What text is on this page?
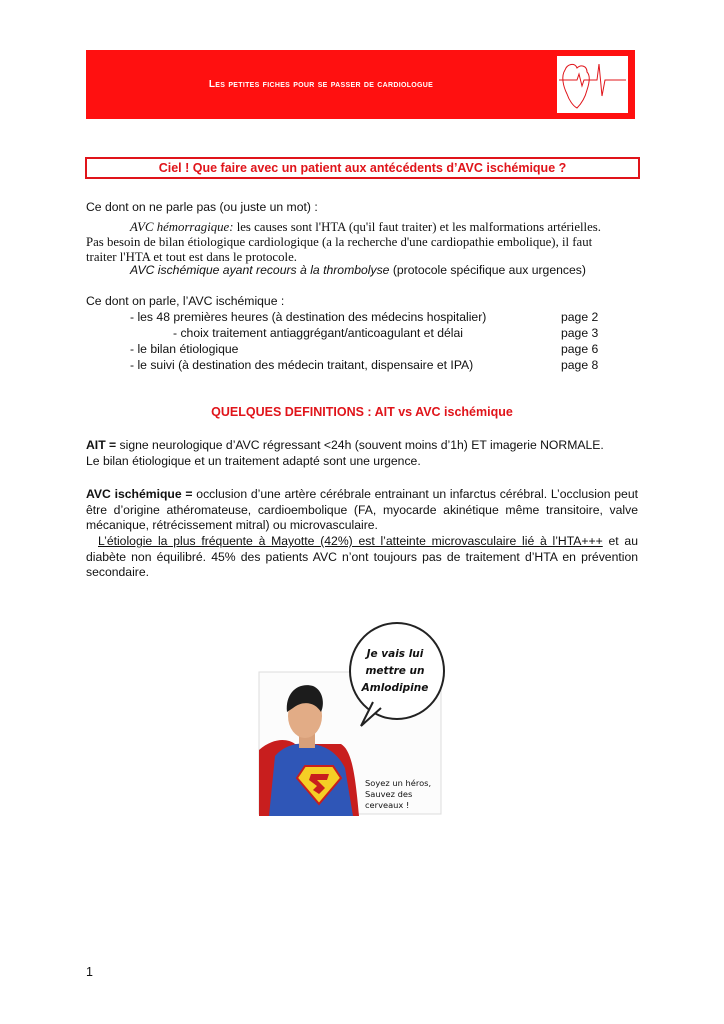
Les petites fiches pour se passer de cardiologue
Ciel ! Que faire avec un patient aux antécédents d’AVC ischémique ?
Ce dont on ne parle pas (ou juste un mot) :
AVC hémorragique: les causes sont l'HTA (qu'il faut traiter) et les malformations artérielles.
Pas besoin de bilan étiologique cardiologique (a la recherche d'une cardiopathie embolique), il faut
traiter l'HTA et tout est dans le protocole.
AVC ischémique ayant recours à la thrombolyse (protocole spécifique aux urgences)
Ce dont on parle, l’AVC ischémique :
- les 48 premières heures (à destination des médecins hospitalier)	page 2
- choix traitement antiaggrégant/anticoagulant et délai	page 3
- le bilan étiologique	page 6
- le suivi (à destination des médecin traitant, dispensaire et IPA)	page 8
QUELQUES DEFINITIONS : AIT vs AVC ischémique
AIT = signe neurologique d’AVC régressant <24h (souvent moins d’1h) ET imagerie NORMALE.
Le bilan étiologique et un traitement adapté sont une urgence.
AVC ischémique = occlusion d’une artère cérébrale entrainant un infarctus cérébral. L’occlusion peut être d’origine athéromateuse, cardioembolique (FA, myocarde akinétique même transitoire, valve mécanique, rétrécissement mitral) ou microvasculaire.
L’étiologie la plus fréquente à Mayotte (42%) est l’atteinte microvasculaire lié à l’HTA+++ et au diabète non équilibré. 45% des patients AVC n’ont toujours pas de traitement d’HTA en prévention secondaire.
Je vais lui
mettre un
Amlodipine
Soyez un héros,
Sauvez des cerveaux !
1
